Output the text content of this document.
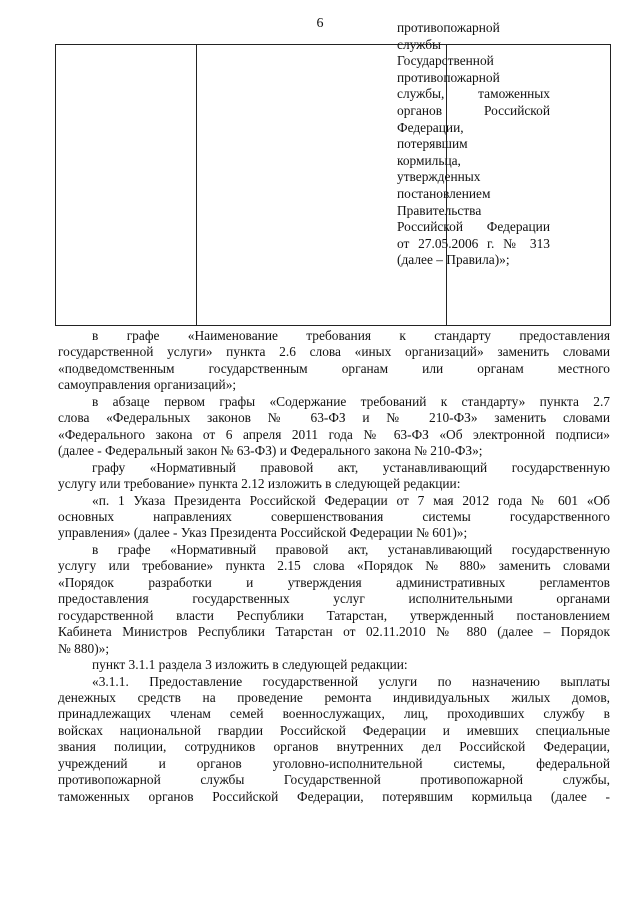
6	противопожарной
службы
Государственной
противопожарной
службы, таможенных
органов Российской
Федерации,
потерявшим
кормильца,
утвержденных
постановлением
Правительства
Российской Федерации
от 27.05.2006 г. № 313
(далее – Правила)»;
в графе «Наименование требования к стандарту предоставления
государственной услуги» пункта 2.6 слова «иных организаций» заменить словами
«подведомственным государственным органам или органам местного
самоуправления организаций»;
в абзаце первом графы «Содержание требований к стандарту» пункта 2.7
слова «Федеральных законов № 63-ФЗ и № 210-ФЗ» заменить словами
«Федерального закона от 6 апреля 2011 года № 63-ФЗ «Об электронной подписи»
(далее - Федеральный закон № 63-ФЗ) и Федерального закона № 210-ФЗ»;
графу «Нормативный правовой акт, устанавливающий государственную
услугу или требование» пункта 2.12 изложить в следующей редакции:
«п. 1 Указа Президента Российской Федерации от 7 мая 2012 года № 601 «Об
основных направлениях совершенствования системы государственного
управления» (далее - Указ Президента Российской Федерации № 601)»;
в графе «Нормативный правовой акт, устанавливающий государственную
услугу или требование» пункта 2.15 слова «Порядок № 880» заменить словами
«Порядок разработки и утверждения административных регламентов
предоставления государственных услуг исполнительными органами
государственной власти Республики Татарстан, утвержденный постановлением
Кабинета Министров Республики Татарстан от 02.11.2010 № 880 (далее – Порядок
№ 880)»;
пункт 3.1.1 раздела 3 изложить в следующей редакции:
«3.1.1. Предоставление государственной услуги по назначению выплаты
денежных средств на проведение ремонта индивидуальных жилых домов,
принадлежащих членам семей военнослужащих, лиц, проходивших службу в
войсках национальной гвардии Российской Федерации и имевших специальные
звания полиции, сотрудников органов внутренних дел Российской Федерации,
учреждений и органов уголовно-исполнительной системы, федеральной
противопожарной службы Государственной противопожарной службы,
таможенных органов Российской Федерации, потерявшим кормильца (далее -
